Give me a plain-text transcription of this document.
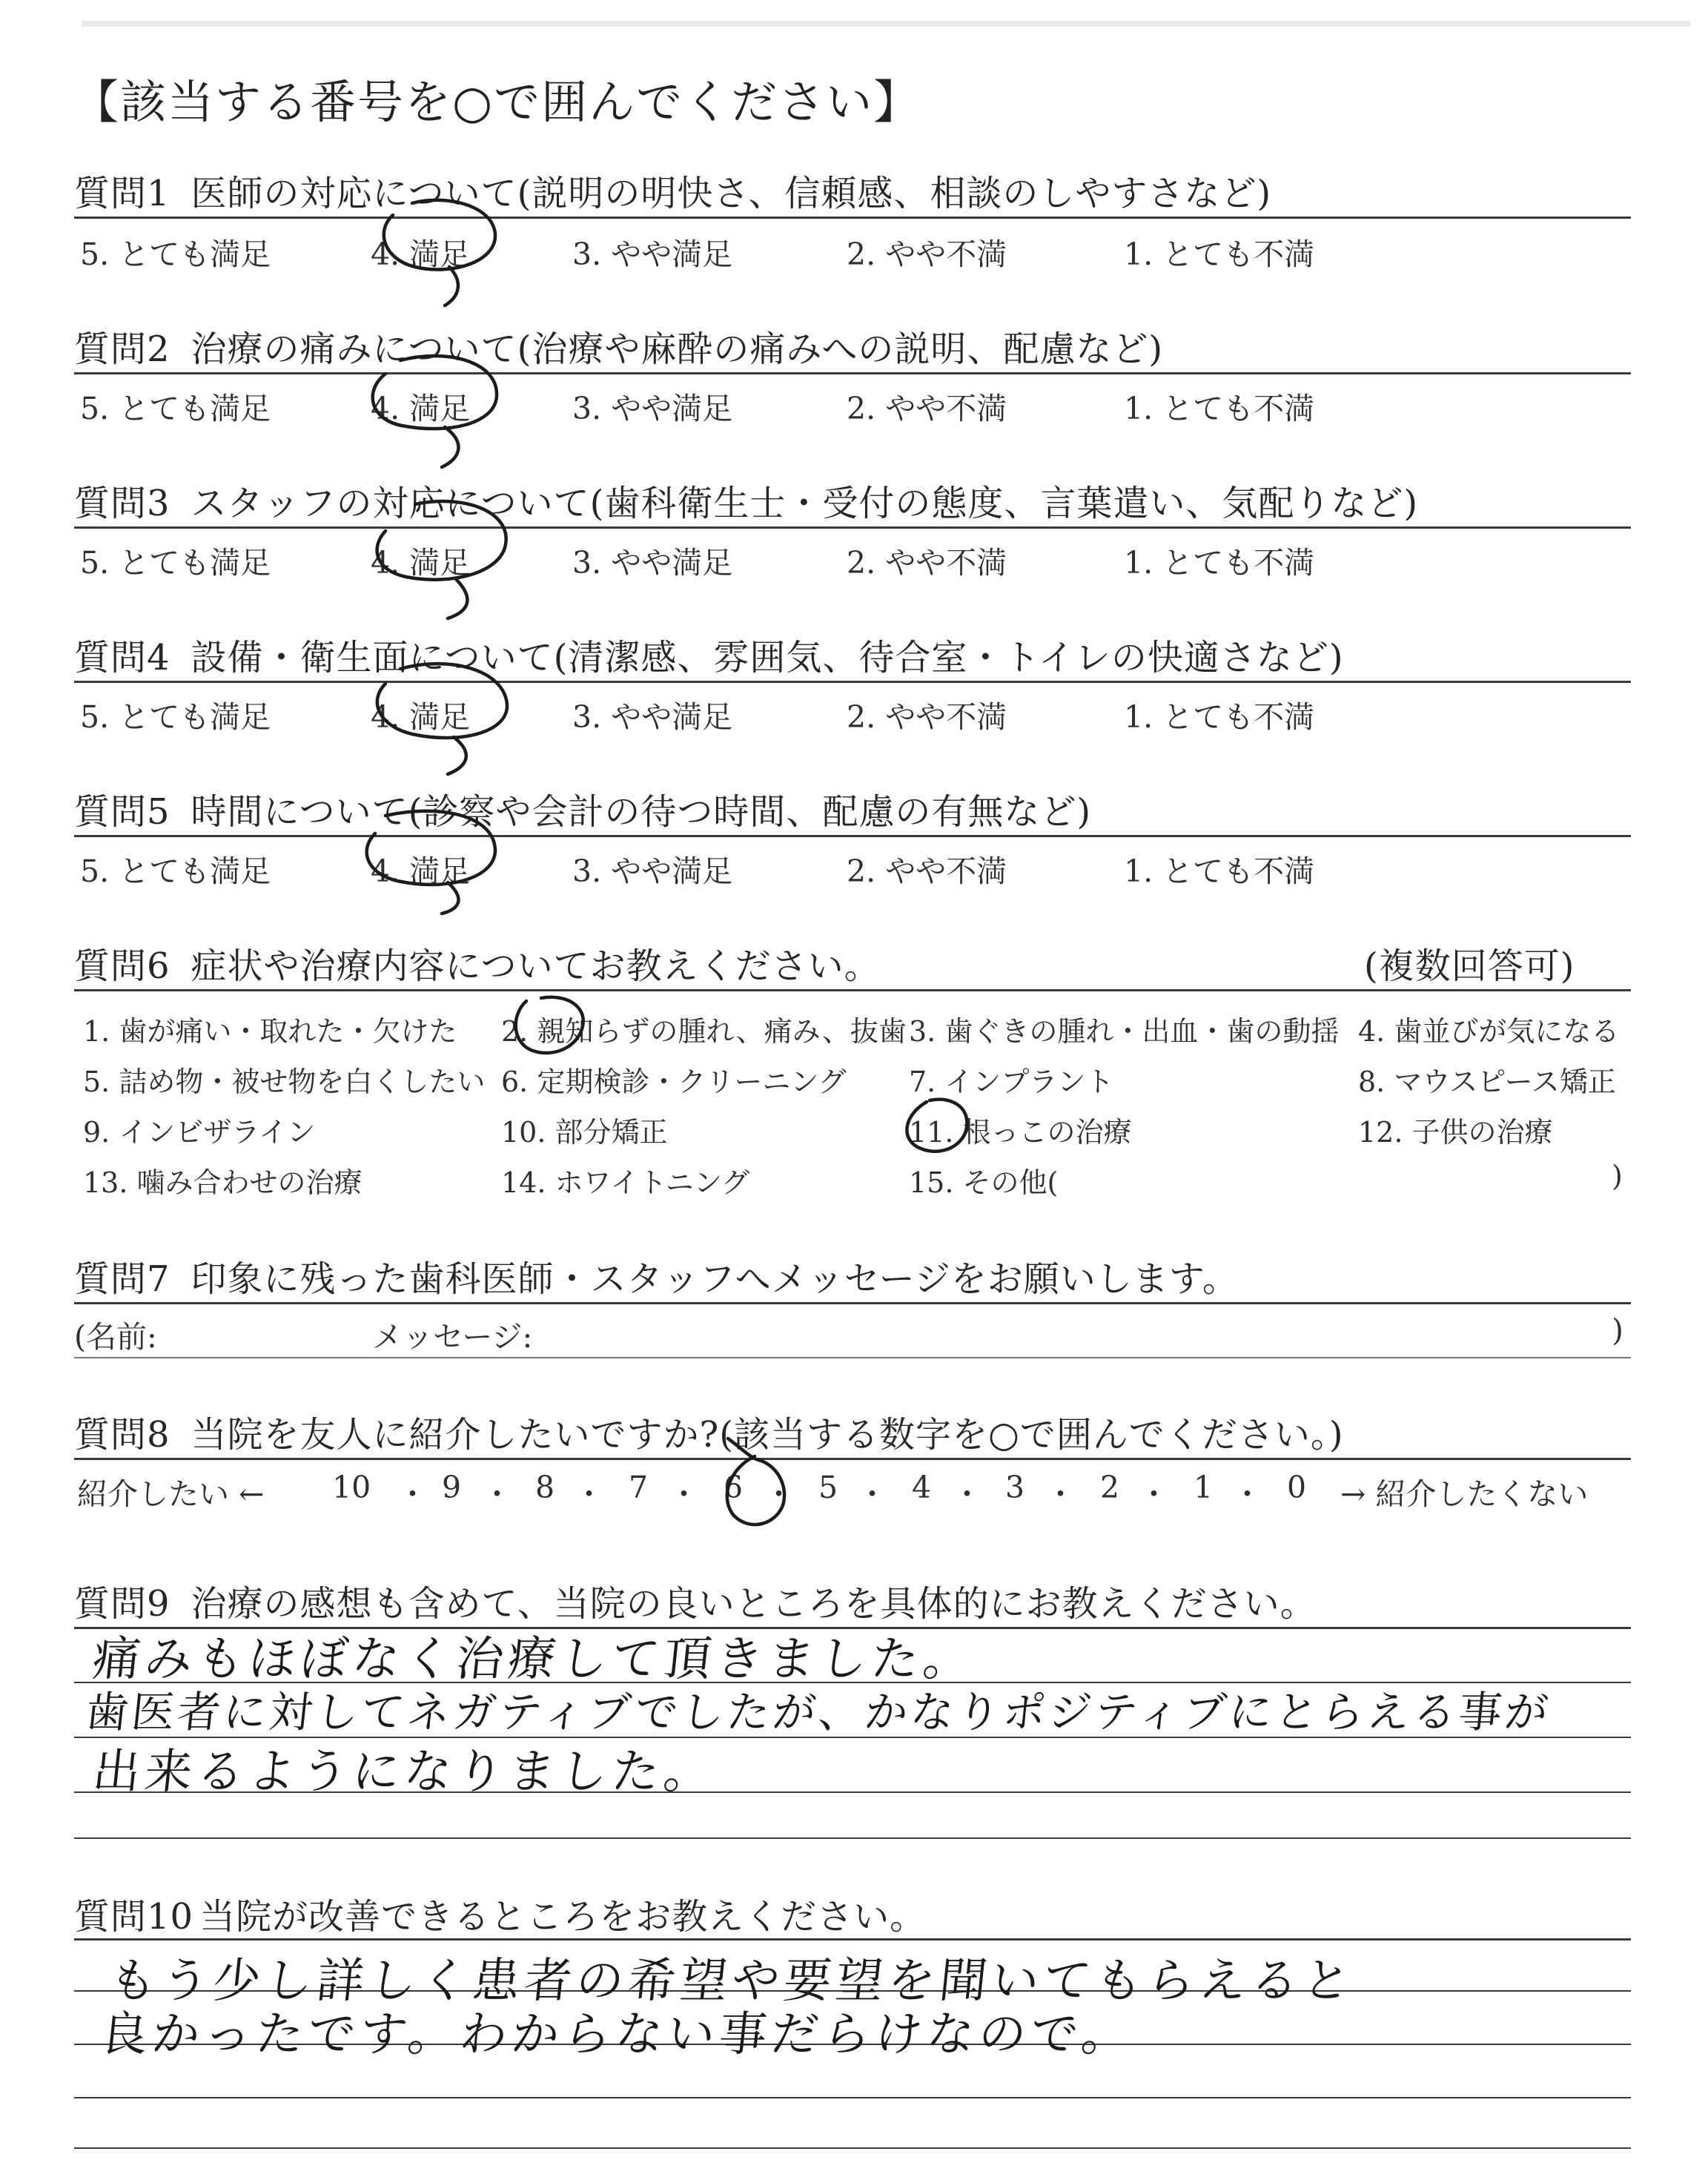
【該当する番号を○で囲んでください】
質問1 医師の対応について(説明の明快さ、信頼感、相談のしやすさなど)
5. とても満足	4. 満足	3. やや満足	2. やや不満	1. とても不満
質問2 治療の痛みについて(治療や麻酔の痛みへの説明、配慮など)
5. とても満足	4. 満足	3. やや満足	2. やや不満	1. とても不満
質問3 スタッフの対応について(歯科衛生士・受付の態度、言葉遣い、気配りなど)
5. とても満足	4. 満足	3. やや満足	2. やや不満	1. とても不満
質問4 設備・衛生面について(清潔感、雰囲気、待合室・トイレの快適さなど)
5. とても満足	4. 満足	3. やや満足	2. やや不満	1. とても不満
質問5 時間について(診察や会計の待つ時間、配慮の有無など)
5. とても満足	4. 満足	3. やや満足	2. やや不満	1. とても不満
質問6 症状や治療内容についてお教えください。	(複数回答可)
1. 歯が痛い・取れた・欠けた 2. 親知らずの腫れ、痛み、抜歯 3. 歯ぐきの腫れ・出血・歯の動揺 4. 歯並びが気になる
5. 詰め物・被せ物を白くしたい 6. 定期検診・クリーニング 7. インプラント	8. マウスピース矯正
9. インビザライン	10. 部分矯正	11. 根っこの治療	12. 子供の治療
13. 噛み合わせの治療	14. ホワイトニング	15. その他(	)
質問7 印象に残った歯科医師・スタッフへメッセージをお願いします。
(名前:	メッセージ:	)
質問8 当院を友人に紹介したいですか?(該当する数字を○で囲んでください。)
紹介したい ← 10 ・ 9 ・ 8 ・ 7 ・ 6 ・ 5 ・ 4 ・ 3 ・ 2 ・ 1 ・ 0 → 紹介したくない
質問9 治療の感想も含めて、当院の良いところを具体的にお教えください。
痛みもほぼなく治療して頂きました。
歯医者に対してネガティブでしたが、かなりポジティブにとらえる事が
出来るようになりました。
質問10 当院が改善できるところをお教えください。
もう少し詳しく患者の希望や要望を聞いてもらえると
良かったです。わからない事だらけなので。
